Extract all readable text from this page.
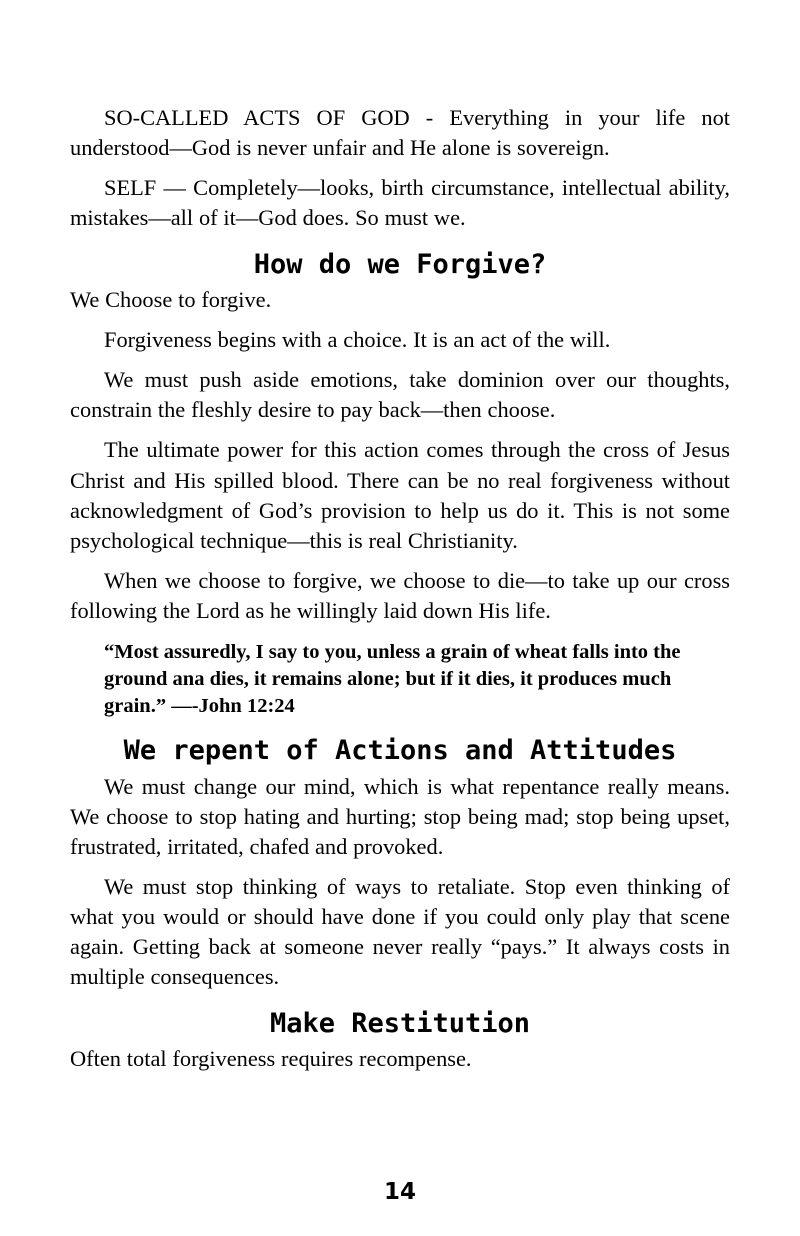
SO-CALLED ACTS OF GOD - Everything in your life not understood—God is never unfair and He alone is sovereign.

SELF — Completely—looks, birth circumstance, intellectual ability, mistakes—all of it—God does. So must we.

How do we Forgive?

We Choose to forgive.

Forgiveness begins with a choice. It is an act of the will.

We must push aside emotions, take dominion over our thoughts, constrain the fleshly desire to pay back—then choose.

The ultimate power for this action comes through the cross of Jesus Christ and His spilled blood. There can be no real forgiveness without acknowledgment of God’s provision to help us do it. This is not some psychological technique—this is real Christianity.

When we choose to forgive, we choose to die—to take up our cross following the Lord as he willingly laid down His life.

“Most assuredly, I say to you, unless a grain of wheat falls into the ground ana dies, it remains alone; but if it dies, it produces much grain.” —-John 12:24
We repent of Actions and Attitudes

We must change our mind, which is what repentance really means. We choose to stop hating and hurting; stop being mad; stop being upset, frustrated, irritated, chafed and provoked.

We must stop thinking of ways to retaliate. Stop even thinking of what you would or should have done if you could only play that scene again. Getting back at someone never really “pays.” It always costs in multiple consequences.

Make Restitution

Often total forgiveness requires recompense.

14
